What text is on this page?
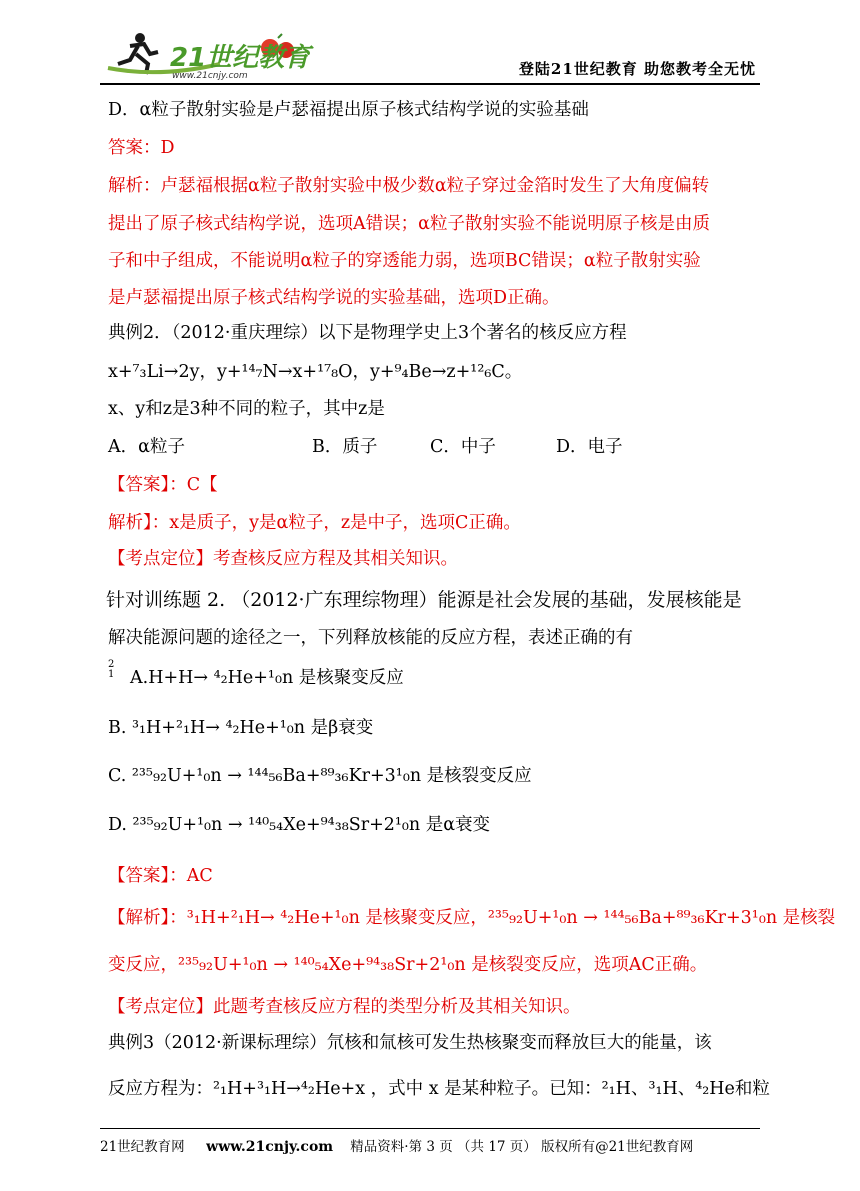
21世纪教育
www.21cnjy.com	登陆21世纪教育 助您教考全无忧
D．α粒子散射实验是卢瑟福提出原子核式结构学说的实验基础
答案：D
解析：卢瑟福根据α粒子散射实验中极少数α粒子穿过金箔时发生了大角度偏转
提出了原子核式结构学说，选项A错误；α粒子散射实验不能说明原子核是由质
子和中子组成，不能说明α粒子的穿透能力弱，选项BC错误；α粒子散射实验
是卢瑟福提出原子核式结构学说的实验基础，选项D正确。
典例2．（2012·重庆理综）以下是物理学史上3个著名的核反应方程
x+⁷₃Li→2y，y+¹⁴₇N→x+¹⁷₈O，y+⁹₄Be→z+¹²₆C。
x、y和z是3种不同的粒子，其中z是
A．α粒子	B．质子	C．中子	D．电子
【答案】：C【
解析】：x是质子，y是α粒子，z是中子，选项C正确。
【考点定位】考查核反应方程及其相关知识。
针对训练题 2. （2012·广东理综物理）能源是社会发展的基础，发展核能是
解决能源问题的途径之一，下列释放核能的反应方程，表述正确的有
2 1 A.H+H→ ⁴₂He+¹₀n 是核聚变反应
B. ³₁H+²₁H→ ⁴₂He+¹₀n 是β衰变
C. ²³⁵₉₂U+¹₀n → ¹⁴⁴₅₆Ba+⁸⁹₃₆Kr+3¹₀n 是核裂变反应
D. ²³⁵₉₂U+¹₀n → ¹⁴⁰₅₄Xe+⁹⁴₃₈Sr+2¹₀n 是α衰变
【答案】：AC
【解析】：³₁H+²₁H→ ⁴₂He+¹₀n 是核聚变反应，²³⁵₉₂U+¹₀n → ¹⁴⁴₅₆Ba+⁸⁹₃₆Kr+3¹₀n 是核裂
变反应，²³⁵₉₂U+¹₀n → ¹⁴⁰₅₄Xe+⁹⁴₃₈Sr+2¹₀n 是核裂变反应，选项AC正确。
【考点定位】此题考查核反应方程的类型分析及其相关知识。
典例3（2012·新课标理综）氘核和氚核可发生热核聚变而释放巨大的能量，该
反应方程为：²₁H+³₁H→⁴₂He+x ，式中 x 是某种粒子。已知：²₁H、³₁H、⁴₂He和粒
21世纪教育网 www.21cnjy.com 精品资料·第 3 页 （共 17 页） 版权所有@21世纪教育网
